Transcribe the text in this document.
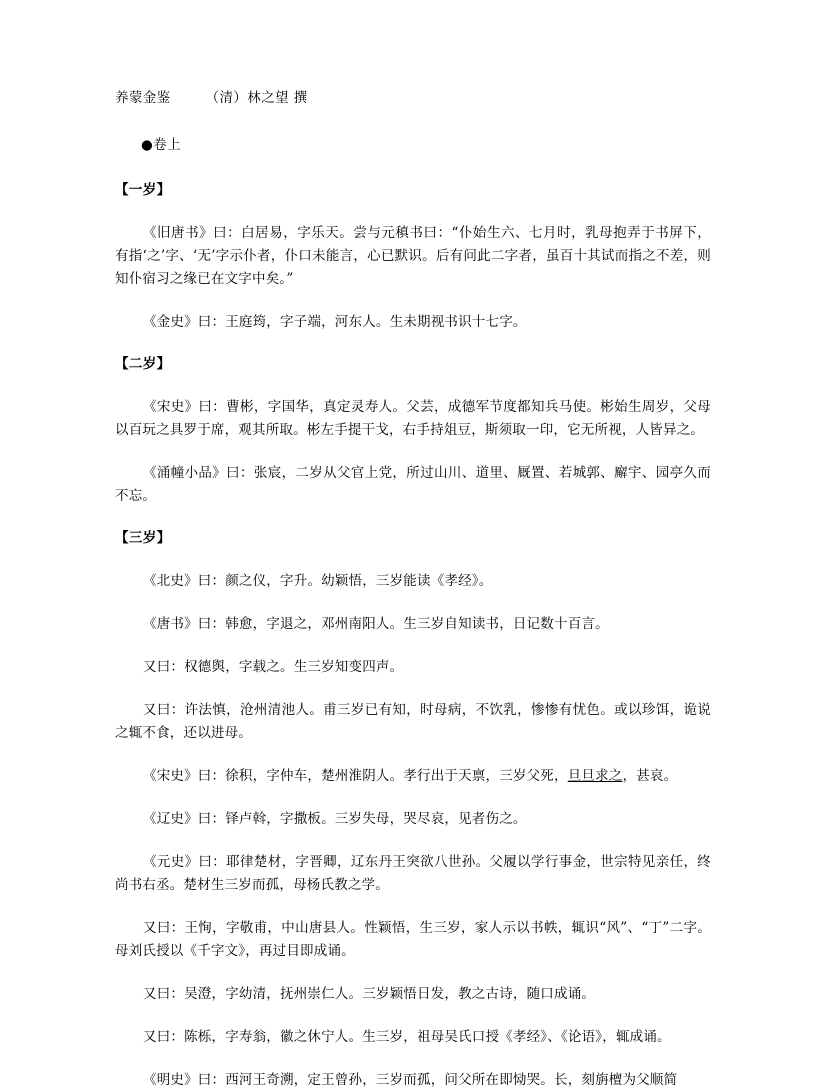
养蒙金鉴　　　（清）林之望 撰
●卷上
【一岁】

《旧唐书》曰：白居易，字乐天。尝与元稹书曰：“仆始生六、七月时，乳母抱弄于书屏下，有指‘之’字、‘无’字示仆者，仆口未能言，心已默识。后有问此二字者，虽百十其试而指之不差，则知仆宿习之缘已在文字中矣。”

《金史》曰：王庭筠，字子端，河东人。生未期视书识十七字。

【二岁】

《宋史》曰：曹彬，字国华，真定灵寿人。父芸，成德军节度都知兵马使。彬始生周岁，父母以百玩之具罗于席，观其所取。彬左手提干戈，右手持俎豆，斯须取一印，它无所视，人皆异之。

《涌幢小品》曰：张宸，二岁从父官上党，所过山川、道里、厩置、若城郭、廨宇、园亭久而不忘。

【三岁】

《北史》曰：颜之仪，字升。幼颖悟，三岁能读《孝经》。

《唐书》曰：韩愈，字退之，邓州南阳人。生三岁自知读书，日记数十百言。

又曰：权德舆，字载之。生三岁知变四声。

又曰：许法慎，沧州清池人。甫三岁已有知，时母病，不饮乳，惨惨有忧色。或以珍饵，诡说之辄不食，还以进母。

《宋史》曰：徐积，字仲车，楚州淮阴人。孝行出于天禀，三岁父死，旦旦求之，甚哀。

《辽史》曰：铎卢斡，字撒板。三岁失母，哭尽哀，见者伤之。

《元史》曰：耶律楚材，字晋卿，辽东丹王突欲八世孙。父履以学行事金，世宗特见亲任，终尚书右丞。楚材生三岁而孤，母杨氏教之学。

又曰：王恂，字敬甫，中山唐县人。性颖悟，生三岁，家人示以书帙，辄识“风”、“丁”二字。母刘氏授以《千字文》，再过目即成诵。

又曰：吴澄，字幼清，抚州崇仁人。三岁颖悟日发，教之古诗，随口成诵。

又曰：陈栎，字寿翁，徽之休宁人。生三岁，祖母吴氏口授《孝经》、《论语》，辄成诵。

《明史》曰：西河王奇溯，定王曾孙，三岁而孤，问父所在即恸哭。长，刻旃檀为父顺简
